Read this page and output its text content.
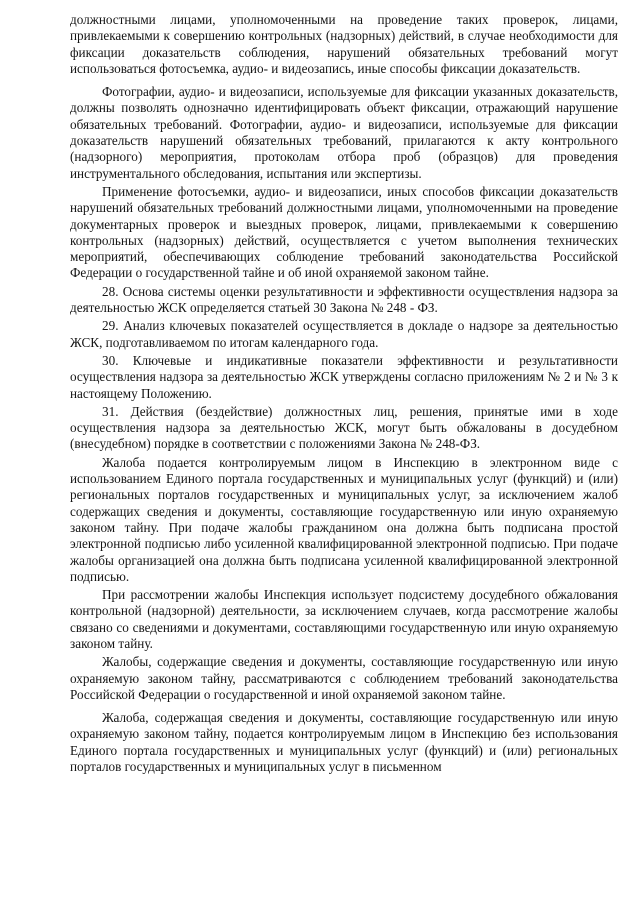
должностными лицами, уполномоченными на проведение таких проверок, лицами, привлекаемыми к совершению контрольных (надзорных) действий, в случае необходимости для фиксации доказательств соблюдения, нарушений обязательных требований могут использоваться фотосъемка, аудио- и видеозапись, иные способы фиксации доказательств.

Фотографии, аудио- и видеозаписи, используемые для фиксации указанных доказательств, должны позволять однозначно идентифицировать объект фиксации, отражающий нарушение обязательных требований. Фотографии, аудио- и видеозаписи, используемые для фиксации доказательств нарушений обязательных требований, прилагаются к акту контрольного (надзорного) мероприятия, протоколам отбора проб (образцов) для проведения инструментального обследования, испытания или экспертизы.

Применение фотосъемки, аудио- и видеозаписи, иных способов фиксации доказательств нарушений обязательных требований должностными лицами, уполномоченными на проведение документарных проверок и выездных проверок, лицами, привлекаемыми к совершению контрольных (надзорных) действий, осуществляется с учетом выполнения технических мероприятий, обеспечивающих соблюдение требований законодательства Российской Федерации о государственной тайне и об иной охраняемой законом тайне.

28. Основа системы оценки результативности и эффективности осуществления надзора за деятельностью ЖСК определяется статьей 30 Закона № 248 - ФЗ.

29. Анализ ключевых показателей осуществляется в докладе о надзоре за деятельностью ЖСК, подготавливаемом по итогам календарного года.

30. Ключевые и индикативные показатели эффективности и результативности осуществления надзора за деятельностью ЖСК утверждены согласно приложениям № 2 и № 3 к настоящему Положению.

31. Действия (бездействие) должностных лиц, решения, принятые ими в ходе осуществления надзора за деятельностью ЖСК, могут быть обжалованы в досудебном (внесудебном) порядке в соответствии с положениями Закона № 248-ФЗ.

Жалоба подается контролируемым лицом в Инспекцию в электронном виде с использованием Единого портала государственных и муниципальных услуг (функций) и (или) региональных порталов государственных и муниципальных услуг, за исключением жалоб содержащих сведения и документы, составляющие государственную или иную охраняемую законом тайну. При подаче жалобы гражданином она должна быть подписана простой электронной подписью либо усиленной квалифицированной электронной подписью. При подаче жалобы организацией она должна быть подписана усиленной квалифицированной электронной подписью.

При рассмотрении жалобы Инспекция использует подсистему досудебного обжалования контрольной (надзорной) деятельности, за исключением случаев, когда рассмотрение жалобы связано со сведениями и документами, составляющими государственную или иную охраняемую законом тайну.

Жалобы, содержащие сведения и документы, составляющие государственную или иную охраняемую законом тайну, рассматриваются с соблюдением требований законодательства Российской Федерации о государственной и иной охраняемой законом тайне.

Жалоба, содержащая сведения и документы, составляющие государственную или иную охраняемую законом тайну, подается контролируемым лицом в Инспекцию без использования Единого портала государственных и муниципальных услуг (функций) и (или) региональных порталов государственных и муниципальных услуг в письменном
